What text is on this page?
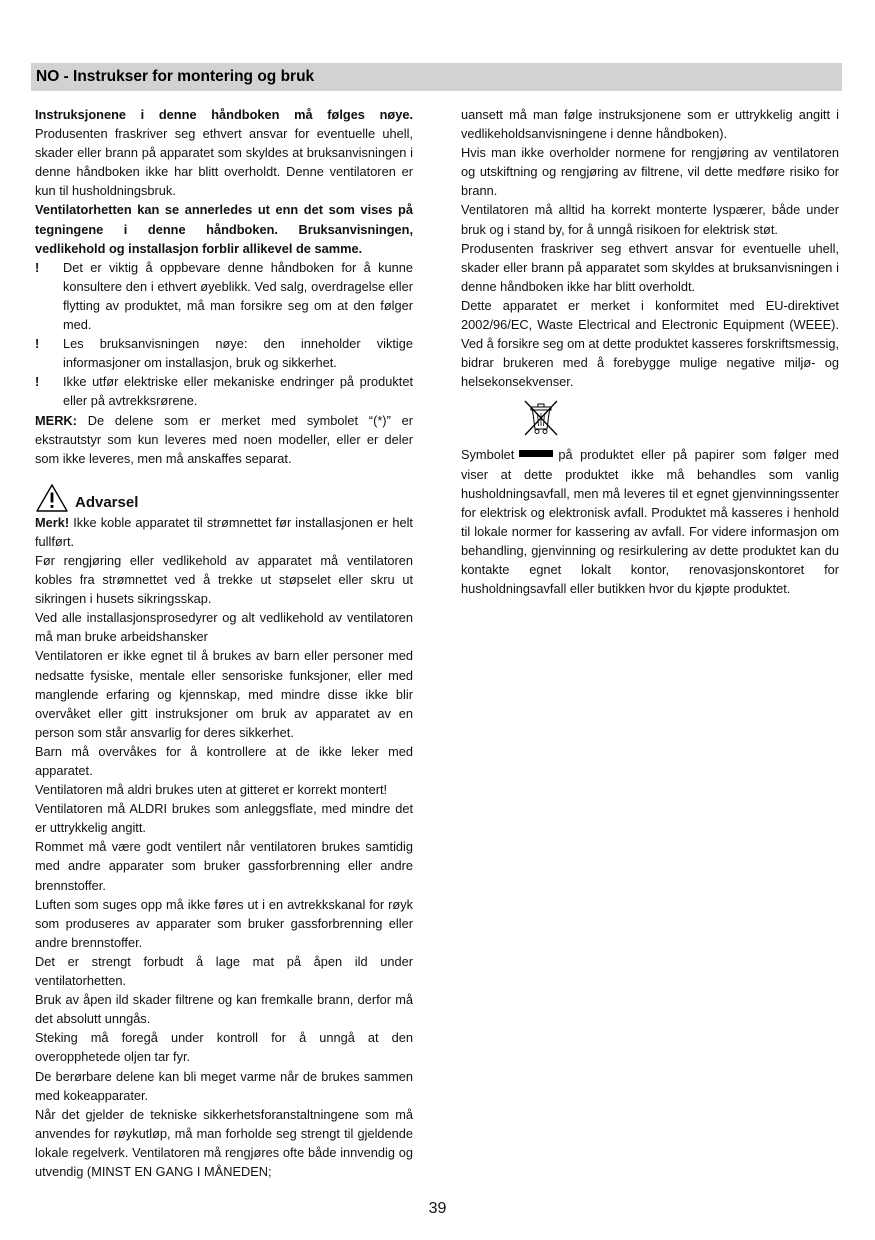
NO - Instrukser for montering og bruk

Instruksjonene i denne håndboken må følges nøye. Produsenten fraskriver seg ethvert ansvar for eventuelle uhell, skader eller brann på apparatet som skyldes at bruksanvisningen i denne håndboken ikke har blitt overholdt. Denne ventilatoren er kun til husholdningsbruk.

Ventilatorhetten kan se annerledes ut enn det som vises på tegningene i denne håndboken. Bruksanvisningen, vedlikehold og installasjon forblir allikevel de samme.

!	Det er viktig å oppbevare denne håndboken for å kunne konsultere den i ethvert øyeblikk. Ved salg, overdragelse eller flytting av produktet, må man forsikre seg om at den følger med.

!	Les bruksanvisningen nøye: den inneholder viktige informasjoner om installasjon, bruk og sikkerhet.

!	Ikke utfør elektriske eller mekaniske endringer på produktet eller på avtrekksrørene.

MERK: De delene som er merket med symbolet “(*)” er ekstrautstyr som kun leveres med noen modeller, eller er deler som ikke leveres, men må anskaffes separat.

Advarsel

Merk! Ikke koble apparatet til strømnettet før installasjonen er helt fullført.

Før rengjøring eller vedlikehold av apparatet må ventilatoren kobles fra strømnettet ved å trekke ut støpselet eller skru ut sikringen i husets sikringsskap.

Ved alle installasjonsprosedyrer og alt vedlikehold av ventilatoren må man bruke arbeidshansker

Ventilatoren er ikke egnet til å brukes av barn eller personer med nedsatte fysiske, mentale eller sensoriske funksjoner, eller med manglende erfaring og kjennskap, med mindre disse ikke blir overvåket eller gitt instruksjoner om bruk av apparatet av en person som står ansvarlig for deres sikkerhet.

Barn må overvåkes for å kontrollere at de ikke leker med apparatet.

Ventilatoren må aldri brukes uten at gitteret er korrekt montert!

Ventilatoren må ALDRI brukes som anleggsflate, med mindre det er uttrykkelig angitt.

Rommet må være godt ventilert når ventilatoren brukes samtidig med andre apparater som bruker gassforbrenning eller andre brennstoffer.

Luften som suges opp må ikke føres ut i en avtrekkskanal for røyk som produseres av apparater som bruker gassforbrenning eller andre brennstoffer.

Det er strengt forbudt å lage mat på åpen ild under ventilatorhetten.

Bruk av åpen ild skader filtrene og kan fremkalle brann, derfor må det absolutt unngås.

Steking må foregå under kontroll for å unngå at den overopphetede oljen tar fyr.

De berørbare delene kan bli meget varme når de brukes sammen med kokeapparater.

Når det gjelder de tekniske sikkerhetsforanstaltningene som må anvendes for røykutløp, må man forholde seg strengt til gjeldende lokale regelverk. Ventilatoren må rengjøres ofte både innvendig og utvendig (MINST EN GANG I MÅNEDEN;

uansett må man følge instruksjonene som er uttrykkelig angitt i vedlikeholdsanvisningene i denne håndboken).

Hvis man ikke overholder normene for rengjøring av ventilatoren og utskiftning og rengjøring av filtrene, vil dette medføre risiko for brann.

Ventilatoren må alltid ha korrekt monterte lyspærer, både under bruk og i stand by, for å unngå risikoen for elektrisk støt.

Produsenten fraskriver seg ethvert ansvar for eventuelle uhell, skader eller brann på apparatet som skyldes at bruksanvisningen i denne håndboken ikke har blitt overholdt.

Dette apparatet er merket i konformitet med EU-direktivet 2002/96/EC, Waste Electrical and Electronic Equipment (WEEE). Ved å forsikre seg om at dette produktet kasseres forskriftsmessig, bidrar brukeren med å forebygge mulige negative miljø- og helsekonsekvenser.

Symbolet	på produktet eller på papirer som følger med viser at dette produktet ikke må behandles som vanlig husholdningsavfall, men må leveres til et egnet gjenvinningssenter for elektrisk og elektronisk avfall. Produktet må kasseres i henhold til lokale normer for kassering av avfall. For videre informasjon om behandling, gjenvinning og resirkulering av dette produktet kan du kontakte egnet lokalt kontor, renovasjonskontoret for husholdningsavfall eller butikken hvor du kjøpte produktet.

39
